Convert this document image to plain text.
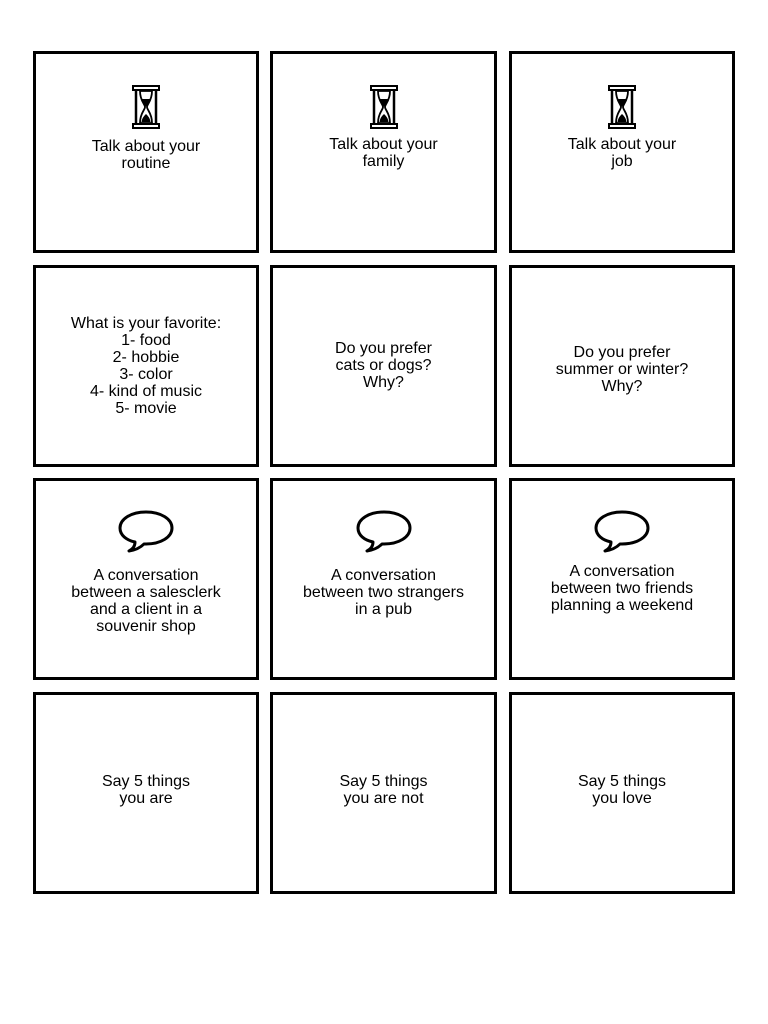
Talk about your
routine

Talk about your
family

Talk about your
job

What is your favorite:
1- food
2- hobbie
3- color
4- kind of music
5- movie

Do you prefer
cats or dogs?
Why?

Do you prefer
summer or winter?
Why?

A conversation
between a salesclerk
and a client in a
souvenir shop

A conversation
between two strangers
in a pub

A conversation
between two friends
planning a weekend

Say 5 things
you are

Say 5 things
you are not

Say 5 things
you love
